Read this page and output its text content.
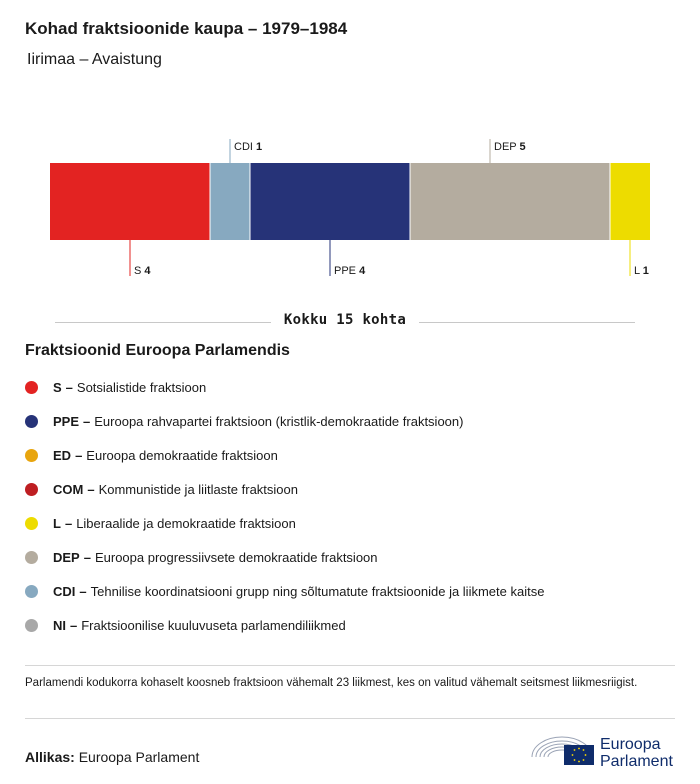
Kohad fraktsioonide kaupa – 1979–1984

Iirimaa – Avaistung

S 4
CDI 1
PPE 4
DEP 5
L 1
Kokku 15 kohta
Fraktsioonid Euroopa Parlamendis
S – Sotsialistide fraktsioon
PPE – Euroopa rahvapartei fraktsioon (kristlik-demokraatide fraktsioon)
ED – Euroopa demokraatide fraktsioon
COM – Kommunistide ja liitlaste fraktsioon
L – Liberaalide ja demokraatide fraktsioon
DEP – Euroopa progressiivsete demokraatide fraktsioon
CDI – Tehnilise koordinatsiooni grupp ning sõltumatute fraktsioonide ja liikmete kaitse
NI – Fraktsioonilise kuuluvuseta parlamendiliikmed

Parlamendi kodukorra kohaselt koosneb fraktsioon vähemalt 23 liikmest, kes on valitud vähemalt seitsmest liikmesriigist.

Allikas: Euroopa Parlament

Euroopa
Parlament
